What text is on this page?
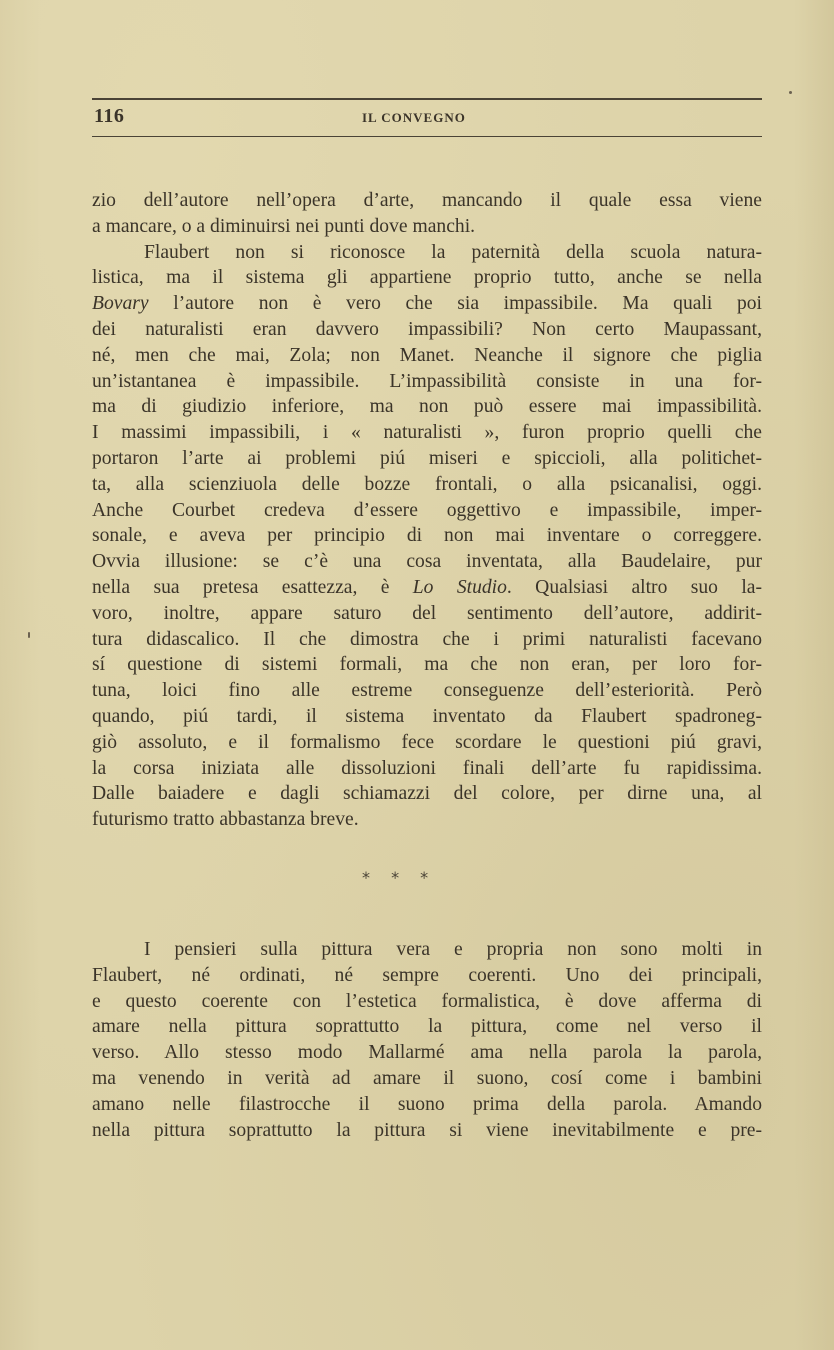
116	IL CONVEGNO
zio dell’autore nell’opera d’arte, mancando il quale essa viene
a mancare, o a diminuirsi nei punti dove manchi.
Flaubert non si riconosce la paternità della scuola natura-
listica, ma il sistema gli appartiene proprio tutto, anche se nella
Bovary l’autore non è vero che sia impassibile. Ma quali poi
dei naturalisti eran davvero impassibili? Non certo Maupassant,
né, men che mai, Zola; non Manet. Neanche il signore che piglia
un’istantanea è impassibile. L’impassibilità consiste in una for-
ma di giudizio inferiore, ma non può essere mai impassibilità.
I massimi impassibili, i « naturalisti », furon proprio quelli che
portaron l’arte ai problemi piú miseri e spiccioli, alla politichet-
ta, alla scienziuola delle bozze frontali, o alla psicanalisi, oggi.
Anche Courbet credeva d’essere oggettivo e impassibile, imper-
sonale, e aveva per principio di non mai inventare o correggere.
Ovvia illusione: se c’è una cosa inventata, alla Baudelaire, pur
nella sua pretesa esattezza, è Lo Studio. Qualsiasi altro suo la-
voro, inoltre, appare saturo del sentimento dell’autore, addirit-
tura didascalico. Il che dimostra che i primi naturalisti facevano
sí questione di sistemi formali, ma che non eran, per loro for-
tuna, loici fino alle estreme conseguenze dell’esteriorità. Però
quando, piú tardi, il sistema inventato da Flaubert spadroneg-
giò assoluto, e il formalismo fece scordare le questioni piú gravi,
la corsa iniziata alle dissoluzioni finali dell’arte fu rapidissima.
Dalle baiadere e dagli schiamazzi del colore, per dirne una, al
futurismo tratto abbastanza breve.
* * *
I pensieri sulla pittura vera e propria non sono molti in
Flaubert, né ordinati, né sempre coerenti. Uno dei principali,
e questo coerente con l’estetica formalistica, è dove afferma di
amare nella pittura soprattutto la pittura, come nel verso il
verso. Allo stesso modo Mallarmé ama nella parola la parola,
ma venendo in verità ad amare il suono, cosí come i bambini
amano nelle filastrocche il suono prima della parola. Amando
nella pittura soprattutto la pittura si viene inevitabilmente e pre-
